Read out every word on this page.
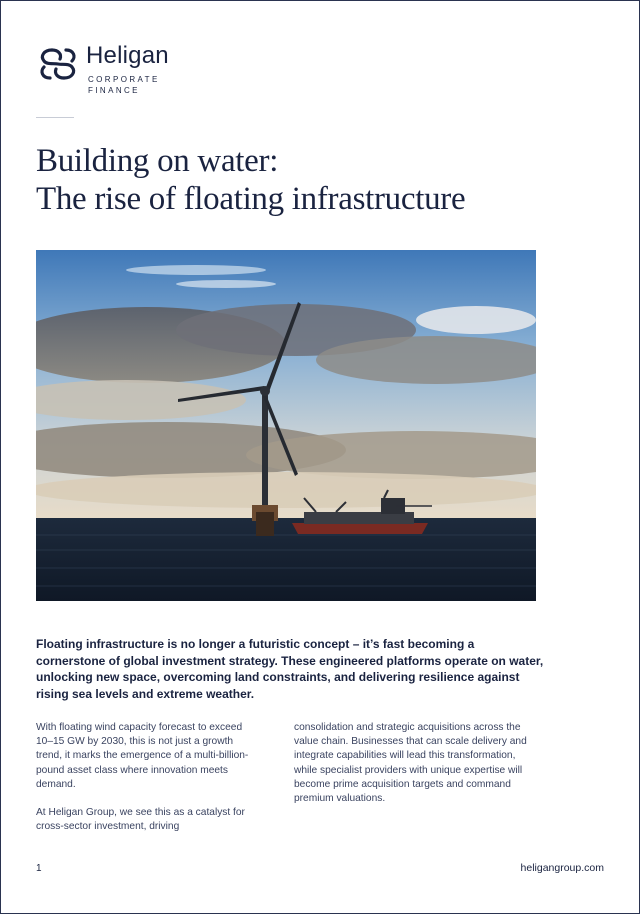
Heligan
CORPORATE
FINANCE
Building on water:
The rise of floating infrastructure

Floating infrastructure is no longer a futuristic concept – it’s fast becoming a cornerstone of global investment strategy. These engineered platforms operate on water, unlocking new space, overcoming land constraints, and delivering resilience against rising sea levels and extreme weather.

With floating wind capacity forecast to exceed 10–15 GW by 2030, this is not just a growth trend, it marks the emergence of a multi-billion-pound asset class where innovation meets demand.

At Heligan Group, we see this as a catalyst for cross-sector investment, driving

consolidation and strategic acquisitions across the value chain. Businesses that can scale delivery and integrate capabilities will lead this transformation, while specialist providers with unique expertise will become prime acquisition targets and command premium valuations.

1	heligangroup.com
